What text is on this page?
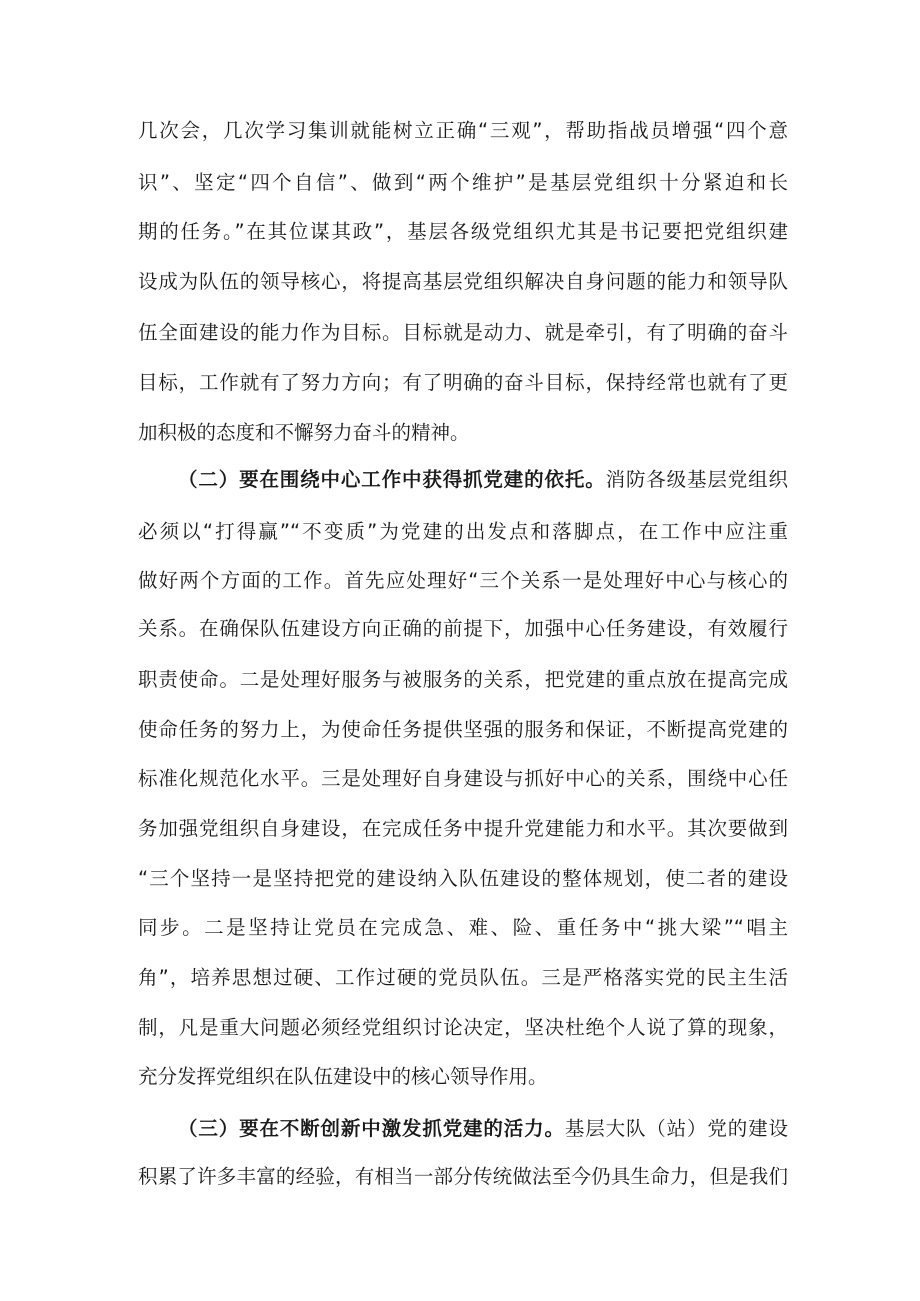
几次会，几次学习集训就能树立正确“三观”，帮助指战员增强“四个意
识”、坚定“四个自信”、做到“两个维护”是基层党组织十分紧迫和长
期的任务。”在其位谋其政”，基层各级党组织尤其是书记要把党组织建
设成为队伍的领导核心，将提高基层党组织解决自身问题的能力和领导队
伍全面建设的能力作为目标。目标就是动力、就是牵引，有了明确的奋斗
目标，工作就有了努力方向；有了明确的奋斗目标，保持经常也就有了更
加积极的态度和不懈努力奋斗的精神。
（二）要在围绕中心工作中获得抓党建的依托。消防各级基层党组织
必须以“打得赢”“不变质”为党建的出发点和落脚点，在工作中应注重
做好两个方面的工作。首先应处理好“三个关系一是处理好中心与核心的
关系。在确保队伍建设方向正确的前提下，加强中心任务建设，有效履行
职责使命。二是处理好服务与被服务的关系，把党建的重点放在提高完成
使命任务的努力上，为使命任务提供坚强的服务和保证，不断提高党建的
标准化规范化水平。三是处理好自身建设与抓好中心的关系，围绕中心任
务加强党组织自身建设，在完成任务中提升党建能力和水平。其次要做到
“三个坚持一是坚持把党的建设纳入队伍建设的整体规划，使二者的建设
同步。二是坚持让党员在完成急、难、险、重任务中“挑大梁”“唱主
角”，培养思想过硬、工作过硬的党员队伍。三是严格落实党的民主生活
制，凡是重大问题必须经党组织讨论决定，坚决杜绝个人说了算的现象，
充分发挥党组织在队伍建设中的核心领导作用。
（三）要在不断创新中激发抓党建的活力。基层大队（站）党的建设
积累了许多丰富的经验，有相当一部分传统做法至今仍具生命力，但是我们
